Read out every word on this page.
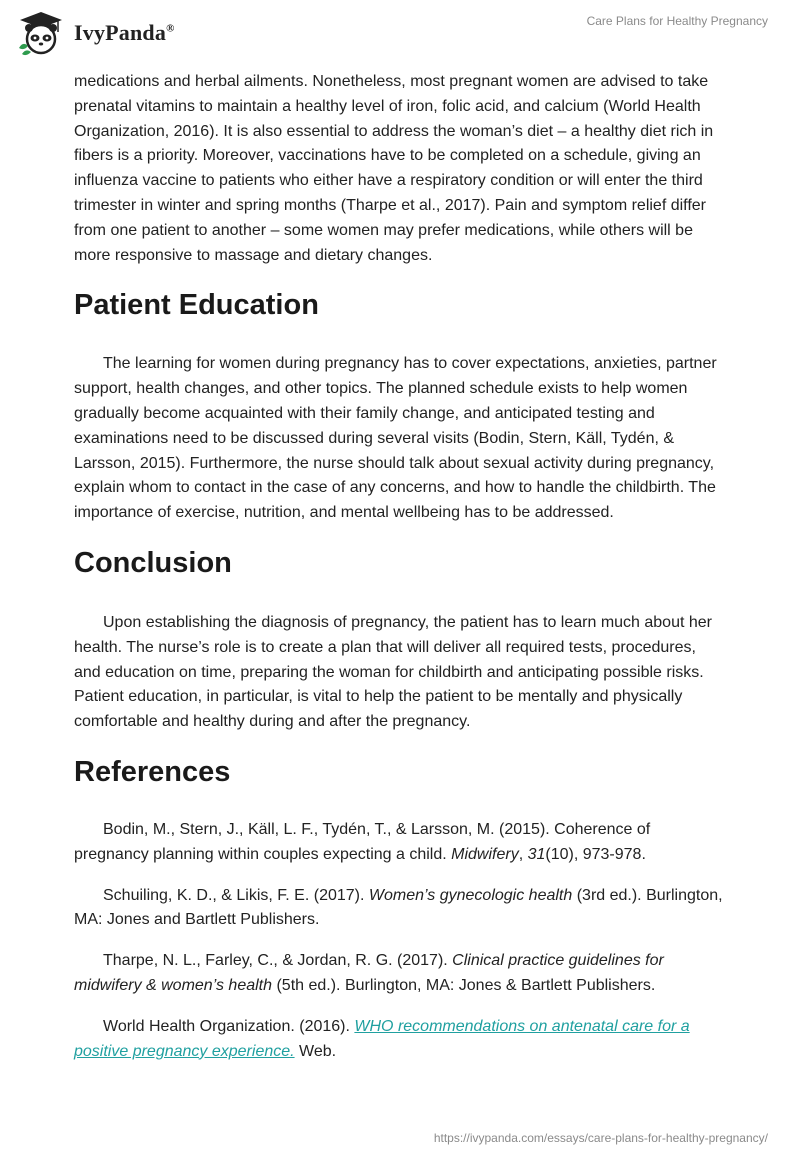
IvyPanda®
Care Plans for Healthy Pregnancy

medications and herbal ailments. Nonetheless, most pregnant women are advised to take prenatal vitamins to maintain a healthy level of iron, folic acid, and calcium (World Health Organization, 2016). It is also essential to address the woman’s diet – a healthy diet rich in fibers is a priority. Moreover, vaccinations have to be completed on a schedule, giving an influenza vaccine to patients who either have a respiratory condition or will enter the third trimester in winter and spring months (Tharpe et al., 2017). Pain and symptom relief differ from one patient to another – some women may prefer medications, while others will be more responsive to massage and dietary changes.

Patient Education

The learning for women during pregnancy has to cover expectations, anxieties, partner support, health changes, and other topics. The planned schedule exists to help women gradually become acquainted with their family change, and anticipated testing and examinations need to be discussed during several visits (Bodin, Stern, Käll, Tydén, & Larsson, 2015). Furthermore, the nurse should talk about sexual activity during pregnancy, explain whom to contact in the case of any concerns, and how to handle the childbirth. The importance of exercise, nutrition, and mental wellbeing has to be addressed.

Conclusion

Upon establishing the diagnosis of pregnancy, the patient has to learn much about her health. The nurse’s role is to create a plan that will deliver all required tests, procedures, and education on time, preparing the woman for childbirth and anticipating possible risks. Patient education, in particular, is vital to help the patient to be mentally and physically comfortable and healthy during and after the pregnancy.

References

Bodin, M., Stern, J., Käll, L. F., Tydén, T., & Larsson, M. (2015). Coherence of pregnancy planning within couples expecting a child. Midwifery, 31(10), 973-978.

Schuiling, K. D., & Likis, F. E. (2017). Women’s gynecologic health (3rd ed.). Burlington, MA: Jones and Bartlett Publishers.

Tharpe, N. L., Farley, C., & Jordan, R. G. (2017). Clinical practice guidelines for midwifery & women’s health (5th ed.). Burlington, MA: Jones & Bartlett Publishers.

World Health Organization. (2016). WHO recommendations on antenatal care for a positive pregnancy experience. Web.

https://ivypanda.com/essays/care-plans-for-healthy-pregnancy/
